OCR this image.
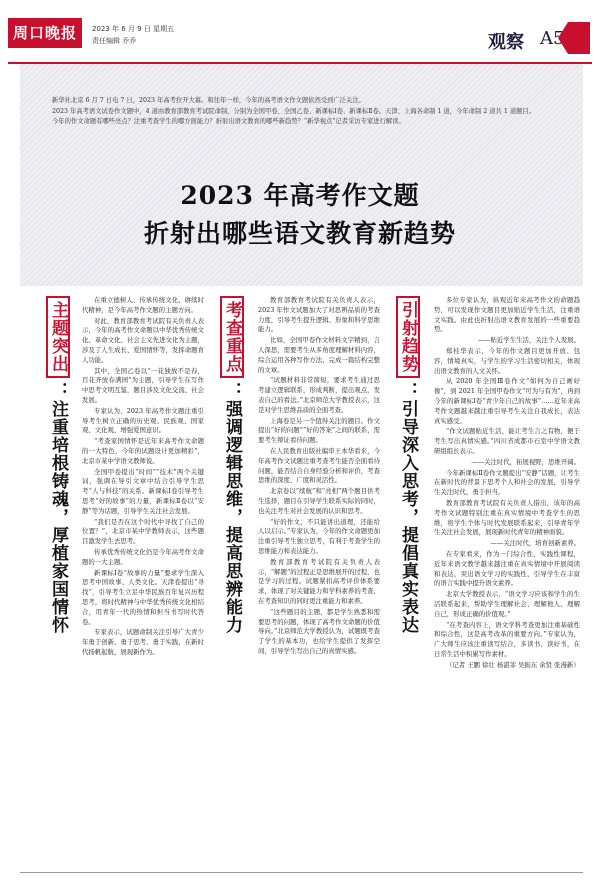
周口晚报	2023 年 6 月 9 日 星期五
责任编辑 乔乔	观察 A5

新华社北京 6 月 7 日电 7 日，2023 年高考拉开大幕。和往年一样，今年的高考语文作文题依然受到广泛关注。

2023 年高考语文试卷作文题中，4 道由教育部教育考试院命制，分别为全国甲卷、全国乙卷、新课标Ⅰ卷、新课标Ⅱ卷。天津、上海各命制 1 道，今年命制 2 道共 1 道题目。

今年的作文命题有哪些亮点？注重考查学生的哪方面能力？折射出语文教育的哪些新趋势？“新华视点”记者采访专家进行解读。

2023 年高考作文题
折射出哪些语文教育新趋势
主题突出：注重培根铸魂，厚植家国情怀

在重立德树人、传承传统文化、赓续时代精神，是今年高考作文题的主题方向。

对此，教育部教育考试院有关负责人表示，今年的高考作文命题以中华优秀传统文化、革命文化、社会主义先进文化为主题，涉及了人生成长、爱国情怀等，发挥命题育人功能。

其中，全国乙卷以“一花独放不是春，百花齐放春满园”为主题，引导学生在写作中思考文明互鉴，题目涉及文化交流、社会发展。

专家认为，2023 年高考作文题注重引导考生树立正确的历史观、民族观、国家观、文化观，增强爱国意识。

“考查家国情怀是近年来高考作文命题的一大特色，今年的试题设计更加精彩”，北京市某中学语文教师说。

全国甲卷提出“时间”“技术”两个关键词，强调在导引文章中结合引导学生思考“人与科技”的关系。新课标Ⅰ卷引导考生思考“好的故事”的力量，新课标Ⅱ卷以“安静”等为话题，引导学生关注社会发展。

“我们是否在这个时代中寻找了自己的位置？”，北京市某中学教师表示，这些题目激发学生去思考。

传承优秀传统文化仍是今年高考作文命题的一大主题。

新课标Ⅰ卷“故事的力量”要求学生深入思考中国故事、人类文化。天津卷提出“寻找”，引导考生立足中华民族百年复兴历程思考，将时代精神与中华优秀传统文化相结合，用青年一代的热情和担当书写时代答卷。

专家表示，试题命制关注引导广大青少年勇于创新、勇于思考、勇于实践，在新时代扬帆起航，展现新作为。

考查重点：强调逻辑思维，提高思辨能力

教育部教育考试院有关负责人表示，2023 年作文试题加大了对思辨品质的考查力度，引导考生提升逻辑、形象和科学思维能力。

比如，全国甲卷作文材料文字精到，言人深思，需要考生从多角度理解材料内容，综合运用各种写作方法，完成一篇结构完整的文章。

“试题材料非常简短，要求考生通过思考建立逻辑联系，形成判断，提出观点，发表自己的看法。”北京师范大学教授表示，这是对学生思维品质的全面考查。

上海卷是另一个值得关注的题目。作文提出“好的问题”“好的答案”之间的联系，需要考生辩证看待问题。

在人民教育出版社编审王本华看来，今年高考作文试题注重考查考生能否全面看待问题，能否结合自身经验分析和评价，考查思维的深度、广度和灵活性。

北京卷以“续航”和“亮相”两个题目供考生选择，题目在引导学生联系实际的同时，也关注考生对社会发展的认识和思考。

“好的作文，不只能讲出道理，还能给人以启示。”专家认为，今年的作文命题更加注重引导考生独立思考，有利于考查学生的思维能力和表达能力。

教育部教育考试院有关负责人表示，“解题”的过程正是思维展开的过程，也是学习的过程。试题紧扣高考评价体系要求，体现了对关键能力和学科素养的考查，在考查知识的同时更注重能力和素养。

“这些题目的主题，都是学生熟悉和需要思考的问题，体现了高考作文命题的价值导向。”北京师范大学教授认为，试题既考查了学生的基本功，也给学生提供了发挥空间，引导学生写出自己的真情实感。

引射趋势：引导深入思考，提倡真实表达

多位专家认为，纵观近年来高考作文的命题趋势，可以发现作文题目更加贴近学生生活，注重语文实践。由此也折射出语文教育发展的一些重要趋势。

——贴近学生生活，关注个人发展。

郑桂华表示，今年的作文题目更加开放、包容，情境真实，与学生的学习生活密切相关，体现出语文教育的人文关怀。

从 2020 年全国Ⅲ卷作文“如何为自己画好像”，到 2021 年全国甲卷作文“可为与有为”，再到今年的新课标Ⅰ卷“青少年自己的故事”……近年来高考作文题越来越注重引导考生关注自我成长，表达真实感受。

“作文试题贴近生活，能让考生言之有物，便于考生写出真情实感。”四川省成都市石室中学语文教研组组长表示。

——关注时代，拓展视野，思维开阔。

今年新课标Ⅱ卷作文题提出“安静”话题，让考生在新时代的背景下思考个人和社会的发展，引导学生关注时代，勇于担当。

教育部教育考试院有关负责人指出，该年的高考作文试题特别注重在真实情境中考查学生的思维，将学生个体与时代发展联系起来，引导青年学生关注社会发展，展现新时代青年的精神面貌。

——关注时代，培育创新素养。

在专家看来，作为一门综合性、实践性课程，近年来语文教学越来越注重在真实情境中开展阅读和表达，突出语文学习的实践性，引导学生在丰富的语言实践中提升语文素养。

北京大学教授表示，“语文学习应该和学生的生活联系起来，帮助学生理解社会、理解他人、理解自己，形成正确的价值观。”

“在考查内容上，语文学科考查更加注重基础性和综合性，这是高考改革的重要方向。”专家认为，广大师生应该注重读写结合，多读书、读好书，在日常生活中积累写作素材。

（记者 王鹏 徐壮 杨湛菲 吴振东 余贤 张漫新）
